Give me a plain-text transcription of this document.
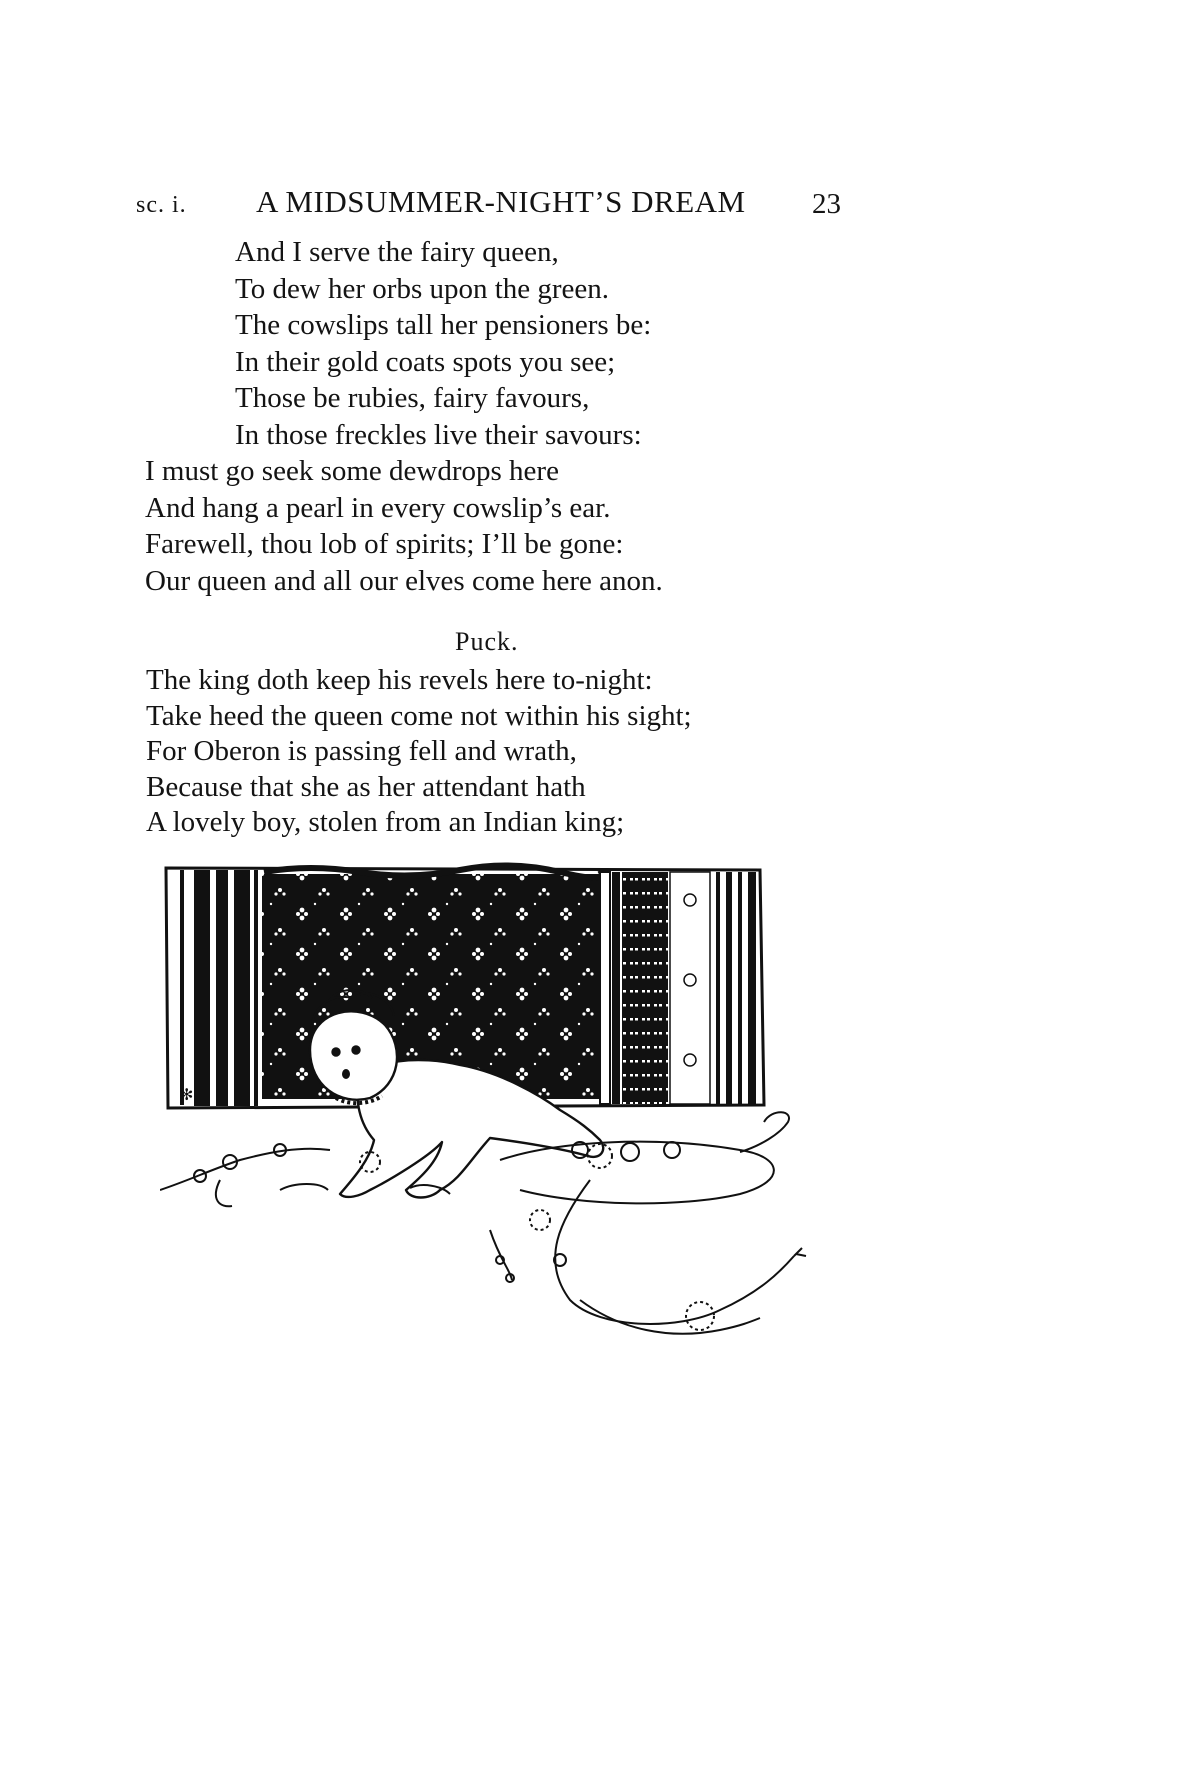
sc. i. A MIDSUMMER-NIGHT’S DREAM 23
And I serve the fairy queen,
To dew her orbs upon the green.
The cowslips tall her pensioners be:
In their gold coats spots you see;
Those be rubies, fairy favours,
In those freckles live their savours:
I must go seek some dewdrops here
And hang a pearl in every cowslip’s ear.
Farewell, thou lob of spirits; I’ll be gone:
Our queen and all our elves come here anon.
Puck.
The king doth keep his revels here to-night:
Take heed the queen come not within his sight;
For Oberon is passing fell and wrath,
Because that she as her attendant hath
A lovely boy, stolen from an Indian king;
✻
